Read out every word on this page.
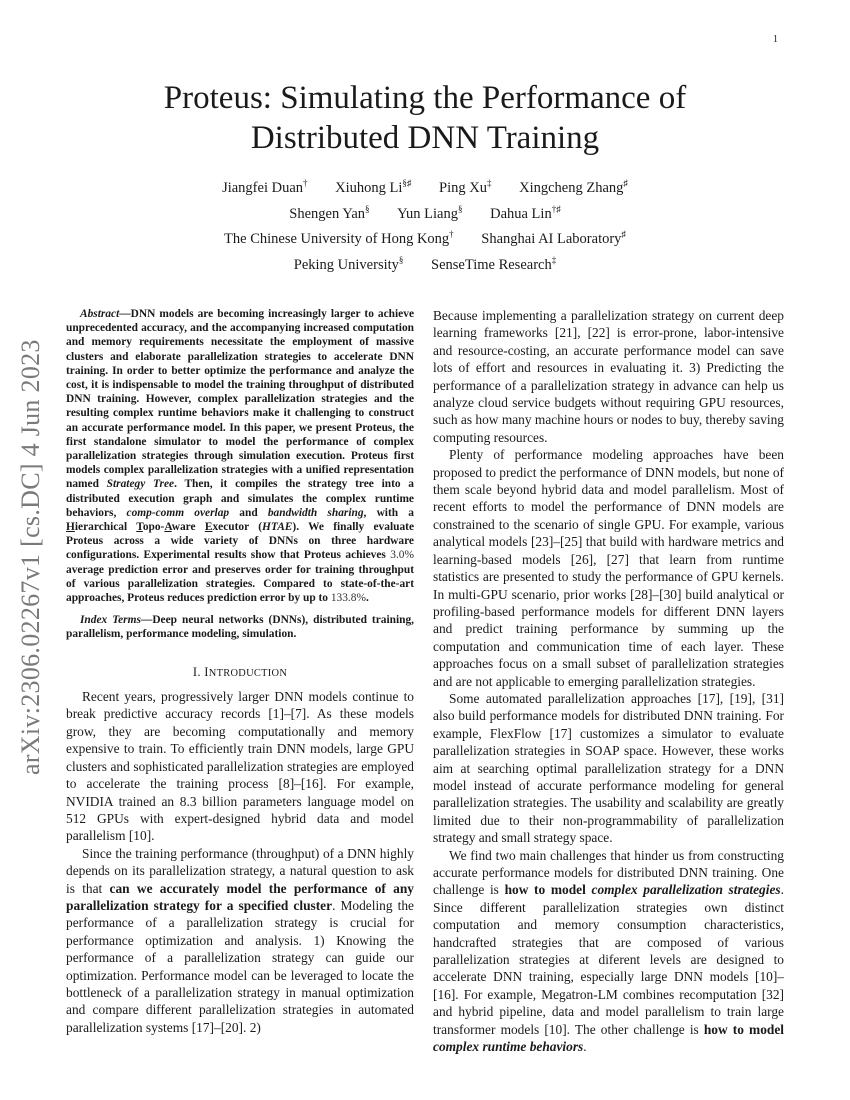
1
arXiv:2306.02267v1 [cs.DC] 4 Jun 2023
Proteus: Simulating the Performance of
Distributed DNN Training
Jiangfei Duan† Xiuhong Li§♯ Ping Xu‡ Xingcheng Zhang♯
Shengen Yan§ Yun Liang§ Dahua Lin†♯
The Chinese University of Hong Kong† Shanghai AI Laboratory♯
Peking University§ SenseTime Research‡

Abstract—DNN models are becoming increasingly larger to achieve unprecedented accuracy, and the accompanying increased computation and memory requirements necessitate the employment of massive clusters and elaborate parallelization strategies to accelerate DNN training. In order to better optimize the performance and analyze the cost, it is indispensable to model the training throughput of distributed DNN training. However, complex parallelization strategies and the resulting complex runtime behaviors make it challenging to construct an accurate performance model. In this paper, we present Proteus, the first standalone simulator to model the performance of complex parallelization strategies through simulation execution. Proteus first models complex parallelization strategies with a unified representation named Strategy Tree. Then, it compiles the strategy tree into a distributed execution graph and simulates the complex runtime behaviors, comp-comm overlap and bandwidth sharing, with a Hierarchical Topo-Aware Executor (HTAE). We finally evaluate Proteus across a wide variety of DNNs on three hardware configurations. Experimental results show that Proteus achieves 3.0% average prediction error and preserves order for training throughput of various parallelization strategies. Compared to state-of-the-art approaches, Proteus reduces prediction error by up to 133.8%.

Index Terms—Deep neural networks (DNNs), distributed training, parallelism, performance modeling, simulation.

I. INTRODUCTION

Recent years, progressively larger DNN models continue to break predictive accuracy records [1]–[7]. As these models grow, they are becoming computationally and memory expensive to train. To efficiently train DNN models, large GPU clusters and sophisticated parallelization strategies are employed to accelerate the training process [8]–[16]. For example, NVIDIA trained an 8.3 billion parameters language model on 512 GPUs with expert-designed hybrid data and model parallelism [10].

Since the training performance (throughput) of a DNN highly depends on its parallelization strategy, a natural question to ask is that can we accurately model the performance of any parallelization strategy for a specified cluster. Modeling the performance of a parallelization strategy is crucial for performance optimization and analysis. 1) Knowing the performance of a parallelization strategy can guide our optimization. Performance model can be leveraged to locate the bottleneck of a parallelization strategy in manual optimization and compare different parallelization strategies in automated parallelization systems [17]–[20]. 2)

Because implementing a parallelization strategy on current deep learning frameworks [21], [22] is error-prone, labor-intensive and resource-costing, an accurate performance model can save lots of effort and resources in evaluating it. 3) Predicting the performance of a parallelization strategy in advance can help us analyze cloud service budgets without requiring GPU resources, such as how many machine hours or nodes to buy, thereby saving computing resources.

Plenty of performance modeling approaches have been proposed to predict the performance of DNN models, but none of them scale beyond hybrid data and model parallelism. Most of recent efforts to model the performance of DNN models are constrained to the scenario of single GPU. For example, various analytical models [23]–[25] that build with hardware metrics and learning-based models [26], [27] that learn from runtime statistics are presented to study the performance of GPU kernels. In multi-GPU scenario, prior works [28]–[30] build analytical or profiling-based performance models for different DNN layers and predict training performance by summing up the computation and communication time of each layer. These approaches focus on a small subset of parallelization strategies and are not applicable to emerging parallelization strategies.

Some automated parallelization approaches [17], [19], [31] also build performance models for distributed DNN training. For example, FlexFlow [17] customizes a simulator to evaluate parallelization strategies in SOAP space. However, these works aim at searching optimal parallelization strategy for a DNN model instead of accurate performance modeling for general parallelization strategies. The usability and scalability are greatly limited due to their non-programmability of parallelization strategy and small strategy space.

We find two main challenges that hinder us from constructing accurate performance models for distributed DNN training. One challenge is how to model complex parallelization strategies. Since different parallelization strategies own distinct computation and memory consumption characteristics, handcrafted strategies that are composed of various parallelization strategies at diferent levels are designed to accelerate DNN training, especially large DNN models [10]–[16]. For example, Megatron-LM combines recomputation [32] and hybrid pipeline, data and model parallelism to train large transformer models [10]. The other challenge is how to model complex runtime behaviors.
